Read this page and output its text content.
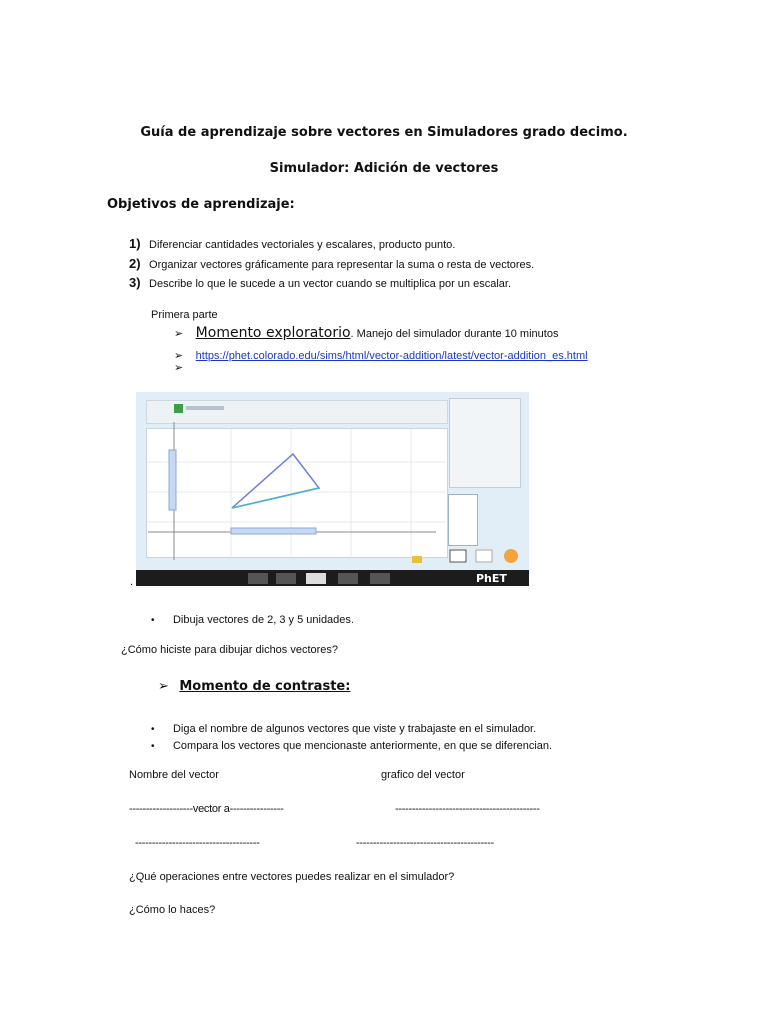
Guía de aprendizaje sobre vectores en Simuladores grado decimo.
Simulador: Adición de vectores
Objetivos de aprendizaje:
1) Diferenciar cantidades vectoriales y escalares, producto punto.
2) Organizar vectores gráficamente para representar la suma o resta de vectores.
3) Describe lo que le sucede a un vector cuando se multiplica por un escalar.
Primera parte
➢ Momento exploratorio. Manejo del simulador durante 10 minutos
➢ https://phet.colorado.edu/sims/html/vector-addition/latest/vector-addition_es.html
➢
PhET
.
• Dibuja vectores de 2, 3 y 5 unidades.
¿Cómo hiciste para dibujar dichos vectores?
➢ Momento de contraste:
• Diga el nombre de algunos vectores que viste y trabajaste en el simulador.
• Compara los vectores que mencionaste anteriormente, en que se diferencian.
Nombre del vector	grafico del vector
-------------------vector a----------------	-------------------------------------------
-------------------------------------	-----------------------------------------
¿Qué operaciones entre vectores puedes realizar en el simulador?
¿Cómo lo haces?
